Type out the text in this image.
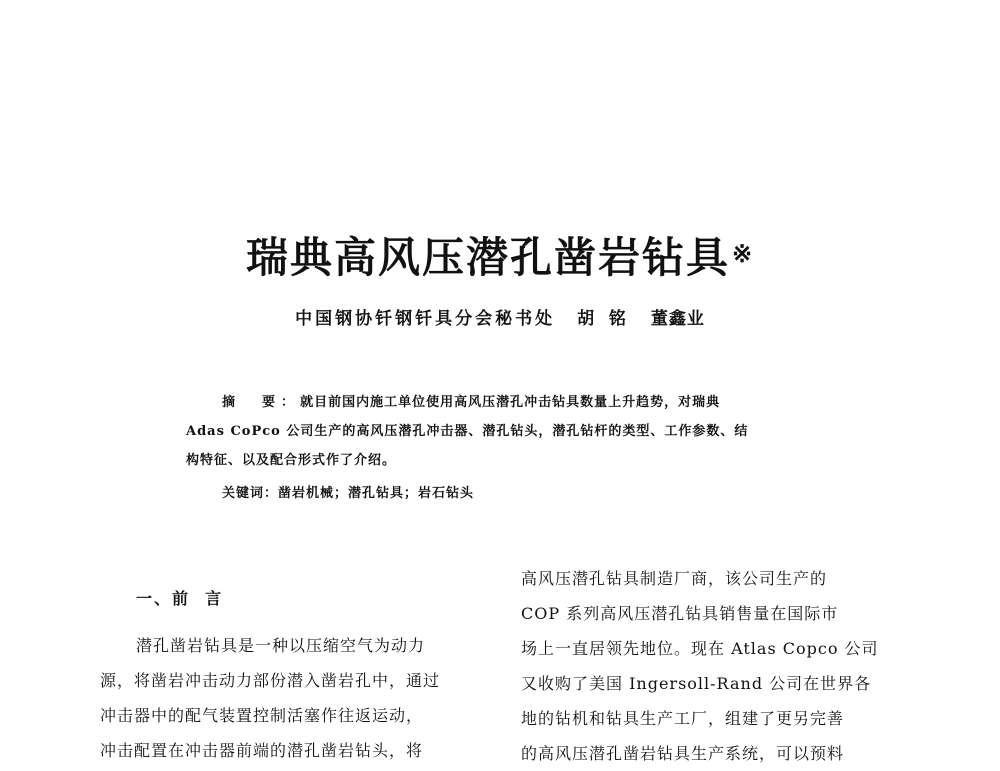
瑞典高风压潜孔凿岩钻具※
中国钢协钎钢钎具分会秘书处 胡  铭 董鑫业
摘  要：就目前国内施工单位使用高风压潜孔冲击钻具数量上升趋势，对瑞典
Adas CoPco 公司生产的高风压潜孔冲击器、潜孔钻头，潜孔钻杆的类型、工作参数、结
构特征、以及配合形式作了介绍。
关键词：凿岩机械；潜孔钻具；岩石钻头
一、前  言
潜孔凿岩钻具是一种以压缩空气为动力
源，将凿岩冲击动力部份潜入凿岩孔中，通过
冲击器中的配气装置控制活塞作往返运动，
冲击配置在冲击器前端的潜孔凿岩钻头，将
高风压潜孔钻具制造厂商，该公司生产的
COP 系列高风压潜孔钻具销售量在国际市
场上一直居领先地位。现在 Atlas Copco 公司
又收购了美国 Ingersoll-Rand 公司在世界各
地的钻机和钻具生产工厂，组建了更另完善
的高风压潜孔凿岩钻具生产系统，可以预料
